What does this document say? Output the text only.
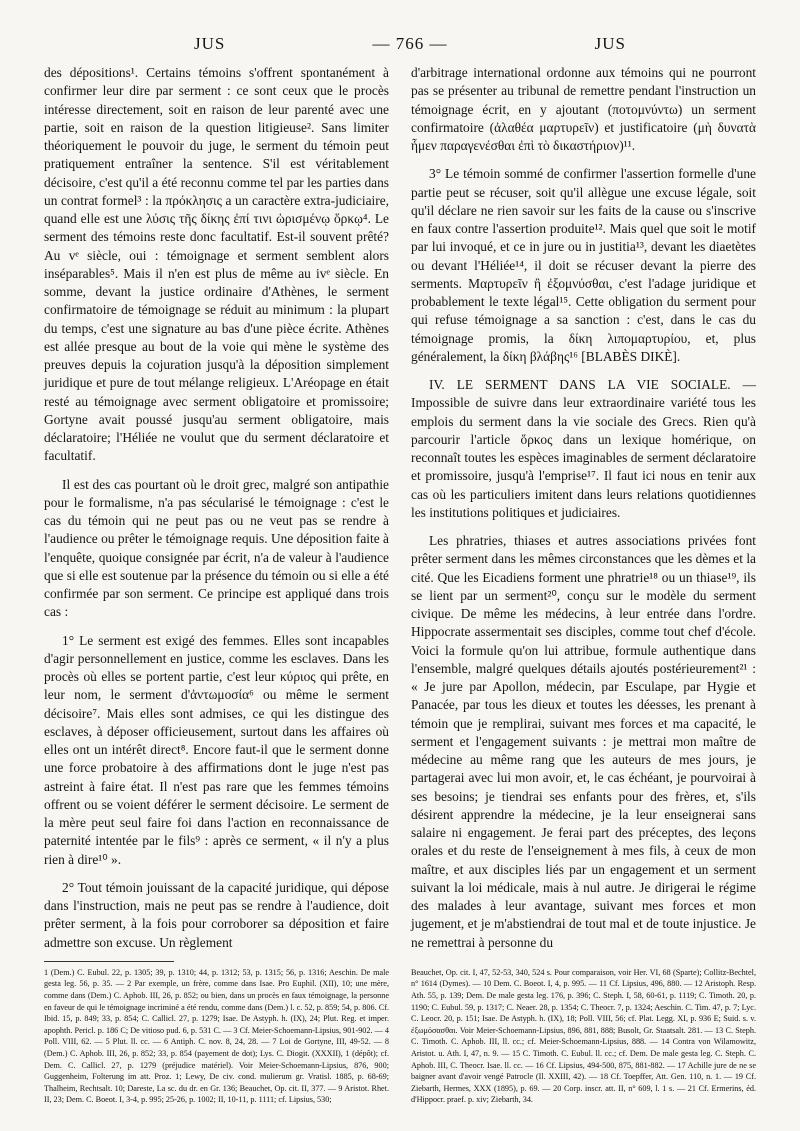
JUS	— 766 —	JUS

des dépositions¹. Certains témoins s'offrent spontanément à confirmer leur dire par serment : ce sont ceux que le procès intéresse directement, soit en raison de leur parenté avec une partie, soit en raison de la question litigieuse². Sans limiter théoriquement le pouvoir du juge, le serment du témoin peut pratiquement entraîner la sentence. S'il est véritablement décisoire, c'est qu'il a été reconnu comme tel par les parties dans un contrat formel³ : la πρόκλησις a un caractère extra-judiciaire, quand elle est une λύσις τῆς δίκης ἐπί τινι ὡρισμένῳ ὅρκῳ⁴. Le serment des témoins reste donc facultatif. Est-il souvent prêté? Au vᵉ siècle, oui : témoignage et serment semblent alors inséparables⁵. Mais il n'en est plus de même au ivᵉ siècle. En somme, devant la justice ordinaire d'Athènes, le serment confirmatoire de témoignage se réduit au minimum : la plupart du temps, c'est une signature au bas d'une pièce écrite. Athènes est allée presque au bout de la voie qui mène le système des preuves depuis la cojuration jusqu'à la déposition simplement juridique et pure de tout mélange religieux. L'Aréopage en était resté au témoignage avec serment obligatoire et promissoire; Gortyne avait poussé jusqu'au serment obligatoire, mais déclaratoire; l'Héliée ne voulut que du serment déclaratoire et facultatif.

Il est des cas pourtant où le droit grec, malgré son antipathie pour le formalisme, n'a pas sécularisé le témoignage : c'est le cas du témoin qui ne peut pas ou ne veut pas se rendre à l'audience ou prêter le témoignage requis. Une déposition faite à l'enquête, quoique consignée par écrit, n'a de valeur à l'audience que si elle est soutenue par la présence du témoin ou si elle a été confirmée par son serment. Ce principe est appliqué dans trois cas :

1° Le serment est exigé des femmes. Elles sont incapables d'agir personnellement en justice, comme les esclaves. Dans les procès où elles se portent partie, c'est leur κύριος qui prête, en leur nom, le serment d'ἀντωμοσία⁶ ou même le serment décisoire⁷. Mais elles sont admises, ce qui les distingue des esclaves, à déposer officieusement, surtout dans les affaires où elles ont un intérêt direct⁸. Encore faut-il que le serment donne une force probatoire à des affirmations dont le juge n'est pas astreint à faire état. Il n'est pas rare que les femmes témoins offrent ou se voient déférer le serment décisoire. Le serment de la mère peut seul faire foi dans l'action en reconnaissance de paternité intentée par le fils⁹ : après ce serment, « il n'y a plus rien à dire¹⁰ ».

2° Tout témoin jouissant de la capacité juridique, qui dépose dans l'instruction, mais ne peut pas se rendre à l'audience, doit prêter serment, à la fois pour corroborer sa déposition et faire admettre son excuse. Un règlement

d'arbitrage international ordonne aux témoins qui ne pourront pas se présenter au tribunal de remettre pendant l'instruction un témoignage écrit, en y ajoutant (ποτομνύντω) un serment confirmatoire (ἀλαθέα μαρτυρεῖν) et justificatoire (μὴ δυνατὰ ἦμεν παραγενέσθαι ἐπὶ τὸ δικαστήριον)¹¹.

3° Le témoin sommé de confirmer l'assertion formelle d'une partie peut se récuser, soit qu'il allègue une excuse légale, soit qu'il déclare ne rien savoir sur les faits de la cause ou s'inscrive en faux contre l'assertion produite¹². Mais quel que soit le motif par lui invoqué, et ce in jure ou in justitia¹³, devant les diaetètes ou devant l'Héliée¹⁴, il doit se récuser devant la pierre des serments. Μαρτυρεῖν ἢ ἐξομνύσθαι, c'est l'adage juridique et probablement le texte légal¹⁵. Cette obligation du serment pour qui refuse témoignage a sa sanction : c'est, dans le cas du témoignage promis, la δίκη λιπομαρτυρίου, et, plus généralement, la δίκη βλάβης¹⁶ [BLABÈS DIKÈ].

IV. LE SERMENT DANS LA VIE SOCIALE. — Impossible de suivre dans leur extraordinaire variété tous les emplois du serment dans la vie sociale des Grecs. Rien qu'à parcourir l'article ὅρκος dans un lexique homérique, on reconnaît toutes les espèces imaginables de serment déclaratoire et promissoire, jusqu'à l'emprise¹⁷. Il faut ici nous en tenir aux cas où les particuliers imitent dans leurs relations quotidiennes les institutions politiques et judiciaires.

Les phratries, thiases et autres associations privées font prêter serment dans les mêmes circonstances que les dèmes et la cité. Que les Eicadiens forment une phratrie¹⁸ ou un thiase¹⁹, ils se lient par un serment²⁰, conçu sur le modèle du serment civique. De même les médecins, à leur entrée dans l'ordre. Hippocrate assermentait ses disciples, comme tout chef d'école. Voici la formule qu'on lui attribue, formule authentique dans l'ensemble, malgré quelques détails ajoutés postérieurement²¹ : « Je jure par Apollon, médecin, par Esculape, par Hygie et Panacée, par tous les dieux et toutes les déesses, les prenant à témoin que je remplirai, suivant mes forces et ma capacité, le serment et l'engagement suivants : je mettrai mon maître de médecine au même rang que les auteurs de mes jours, je partagerai avec lui mon avoir, et, le cas échéant, je pourvoirai à ses besoins; je tiendrai ses enfants pour des frères, et, s'ils désirent apprendre la médecine, je la leur enseignerai sans salaire ni engagement. Je ferai part des préceptes, des leçons orales et du reste de l'enseignement à mes fils, à ceux de mon maître, et aux disciples liés par un engagement et un serment suivant la loi médicale, mais à nul autre. Je dirigerai le régime des malades à leur avantage, suivant mes forces et mon jugement, et je m'abstiendrai de tout mal et de toute injustice. Je ne remettrai à personne du

1 (Dem.) C. Eubul. 22, p. 1305; 39, p. 1310; 44, p. 1312; 53, p. 1315; 56, p. 1316; Aeschin. De male gesta leg. 56, p. 35. — 2 Par exemple, un frère, comme dans Isae. Pro Euphil. (XII), 10; une mère, comme dans (Dem.) C. Aphob. III, 26, p. 852; ou bien, dans un procès en faux témoignage, la personne en faveur de qui le témoignage incriminé a été rendu, comme dans (Dem.) l. c. 52, p. 859; 54, p. 806. Cf. Ibid. 15, p. 849; 33, p. 854; C. Callicl. 27, p. 1279; Isae. De Astyph. h. (IX), 24; Plut. Reg. et imper. apophth. Pericl. p. 186 C; De vitioso pud. 6, p. 531 C. — 3 Cf. Meier-Schoemann-Lipsius, 901-902. — 4 Poll. VIII, 62. — 5 Plut. ll. cc. — 6 Antiph. C. nov. 8, 24, 28. — 7 Loi de Gortyne, III, 49-52. — 8 (Dem.) C. Aphob. III, 26, p. 852; 33, p. 854 (payement de dot); Lys. C. Diogit. (XXXII), 1 (dépôt); cf. Dem. C. Callicl. 27, p. 1279 (préjudice matériel). Voir Meier-Schoemann-Lipsius, 876, 900; Guggenheim, Folterung im att. Proz. 1; Lewy, De civ. cond. mulierum gr. Vratisl. 1885, p. 68-69; Thalheim, Rechtsalt. 10; Dareste, La sc. du dr. en Gr. 136; Beauchet, Op. cit. II, 377. — 9 Aristot. Rhet. II, 23; Dem. C. Boeot. I, 3-4, p. 995; 25-26, p. 1002; II, 10-11, p. 1111; cf. Lipsius, 530;
Beauchet, Op. cit. I, 47, 52-53, 340, 524 s. Pour comparaison, voir Her. VI, 68 (Sparte); Collitz-Bechtel, n° 1614 (Dymes). — 10 Dem. C. Boeot. I, 4, p. 995. — 11 Cf. Lipsius, 496, 880. — 12 Aristoph. Resp. Ath. 55, p. 139; Dem. De male gesta leg. 176, p. 396; C. Steph. I, 58, 60-61, p. 1119; C. Timoth. 20, p. 1190; C. Eubul. 59, p. 1317; C. Neaer. 28, p. 1354; C. Theocr. 7, p. 1324; Aeschin. C. Tim. 47, p. 7; Lyc. C. Leocr. 20, p. 151; Isae. De Astyph. h. (IX), 18; Poll. VIII, 56; cf. Plat. Legg. XI, p. 936 E; Suid. s. v. ἐξωμόσασθαι. Voir Meier-Schoemann-Lipsius, 896, 881, 888; Busolt, Gr. Staatsalt. 281. — 13 C. Steph. C. Timoth. C. Aphob. III, ll. cc.; cf. Meier-Schoemann-Lipsius, 888. — 14 Contra von Wilamowitz, Aristot. u. Ath. I, 47, n. 9. — 15 C. Timoth. C. Eubul. ll. cc.; cf. Dem. De male gesta leg. C. Steph. C. Aphob. III, C. Theocr. Isae. ll. cc. — 16 Cf. Lipsius, 494-500, 875, 881-882. — 17 Achille jure de ne se baigner avant d'avoir vengé Patrocle (Il. XXIII, 42). — 18 Cf. Toepffer, Att. Gen. 110, n. 1. — 19 Cf. Ziebarth, Hermes, XXX (1895), p. 69. — 20 Corp. inscr. att. II, n° 609, l. 1 s. — 21 Cf. Ermerins, éd. d'Hippocr. praef. p. xiv; Ziebarth, 34.
